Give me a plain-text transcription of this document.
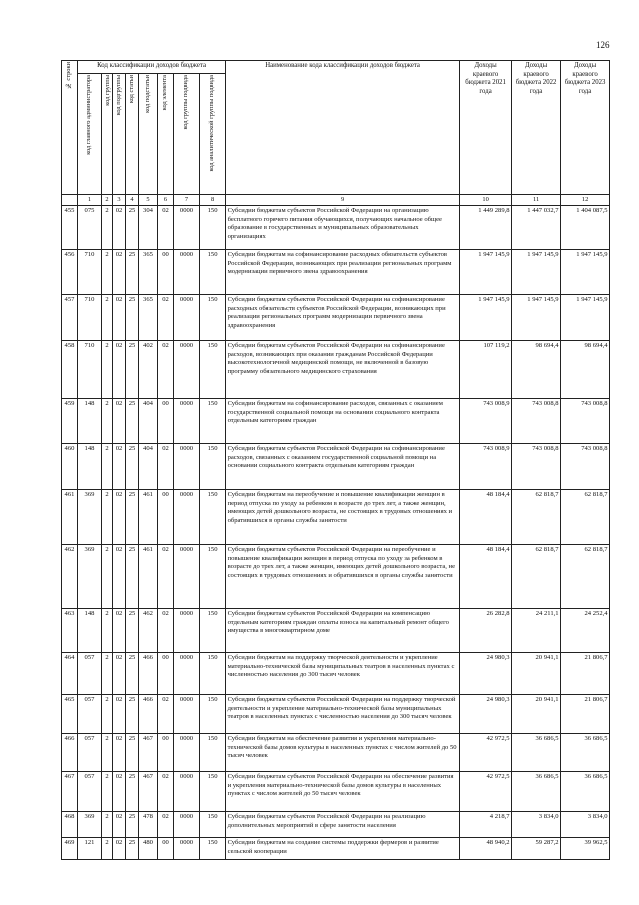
126
№ строки	Код классификации доходов бюджета								Наименование кода классификации доходов бюджета	Доходы краевого бюджета 2021 года	Доходы краевого бюджета 2022 года	Доходы краевого бюджета 2023 года
	код главного администратора	код группы	код подгруппы	код статьи	код подстатьи	код элемента	код группы подвида	код аналитической группы подвида				
	1	2	3	4	5	6	7	8	9	10	11	12
455	075	2	02	25	304	02	0000	150	Субсидии бюджетам субъектов Российской Федерации на организацию бесплатного горячего питания обучающихся, получающих начальное общее образование в государственных и муниципальных образовательных организациях	1 449 289,8	1 447 032,7	1 404 087,5
456	710	2	02	25	365	00	0000	150	Субсидии бюджетам на софинансирование расходных обязательств субъектов Российской Федерации, возникающих при реализации региональных программ модернизации первичного звена здравоохранения	1 947 145,9	1 947 145,9	1 947 145,9
457	710	2	02	25	365	02	0000	150	Субсидии бюджетам субъектов Российской Федерации на софинансирование расходных обязательств субъектов Российской Федерации, возникающих при реализации региональных программ модернизации первичного звена здравоохранения	1 947 145,9	1 947 145,9	1 947 145,9
458	710	2	02	25	402	02	0000	150	Субсидии бюджетам субъектов Российской Федерации на софинансирование расходов, возникающих при оказании гражданам Российской Федерации высокотехнологичной медицинской помощи, не включенной в базовую программу обязательного медицинского страхования	107 119,2	98 694,4	98 694,4
459	148	2	02	25	404	00	0000	150	Субсидии бюджетам на софинансирование расходов, связанных с оказанием государственной социальной помощи на основании социального контракта отдельным категориям граждан	743 008,9	743 008,8	743 008,8
460	148	2	02	25	404	02	0000	150	Субсидии бюджетам субъектов Российской Федерации на софинансирование расходов, связанных с оказанием государственной социальной помощи на основании социального контракта отдельным категориям граждан	743 008,9	743 008,8	743 008,8
461	369	2	02	25	461	00	0000	150	Субсидии бюджетам на переобучение и повышение квалификации женщин в период отпуска по уходу за ребенком в возрасте до трех лет, а также женщин, имеющих детей дошкольного возраста, не состоящих в трудовых отношениях и обратившихся в органы службы занятости	48 184,4	62 818,7	62 818,7
462	369	2	02	25	461	02	0000	150	Субсидии бюджетам субъектов Российской Федерации на переобучение и повышение квалификации женщин в период отпуска по уходу за ребенком в возрасте до трех лет, а также женщин, имеющих детей дошкольного возраста, не состоящих в трудовых отношениях и обратившихся в органы службы занятости	48 184,4	62 818,7	62 818,7
463	148	2	02	25	462	02	0000	150	Субсидии бюджетам субъектов Российской Федерации на компенсацию отдельным категориям граждан оплаты взноса на капитальный ремонт общего имущества в многоквартирном доме	26 282,8	24 211,1	24 252,4
464	057	2	02	25	466	00	0000	150	Субсидии бюджетам на поддержку творческой деятельности и укрепление материально-технической базы муниципальных театров в населенных пунктах с численностью населения до 300 тысяч человек	24 980,3	20 941,1	21 806,7
465	057	2	02	25	466	02	0000	150	Субсидии бюджетам субъектов Российской Федерации на поддержку творческой деятельности и укрепление материально-технической базы муниципальных театров в населенных пунктах с численностью населения до 300 тысяч человек	24 980,3	20 941,1	21 806,7
466	057	2	02	25	467	00	0000	150	Субсидии бюджетам на обеспечение развития и укрепления материально-технической базы домов культуры в населенных пунктах с числом жителей до 50 тысяч человек	42 972,5	36 686,5	36 686,5
467	057	2	02	25	467	02	0000	150	Субсидии бюджетам субъектов Российской Федерации на обеспечение развития и укрепления материально-технической базы домов культуры в населенных пунктах с числом жителей до 50 тысяч человек	42 972,5	36 686,5	36 686,5
468	369	2	02	25	478	02	0000	150	Субсидии бюджетам субъектов Российской Федерации на реализацию дополнительных мероприятий в сфере занятости населения	4 218,7	3 834,0	3 834,0
469	121	2	02	25	480	00	0000	150	Субсидии бюджетам на создание системы поддержки фермеров и развитие сельской кооперации	48 940,2	59 287,2	39 962,5
